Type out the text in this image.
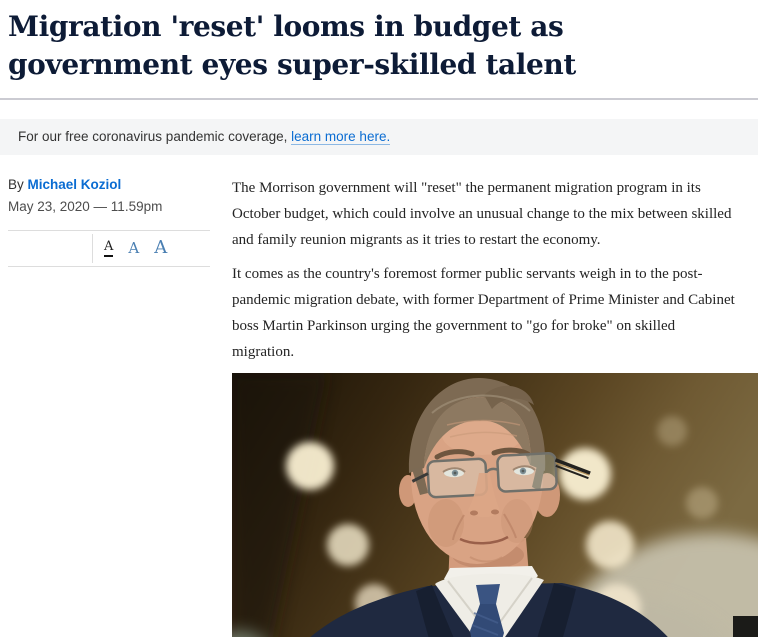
Migration 'reset' looms in budget as government eyes super-skilled talent
For our free coronavirus pandemic coverage, learn more here.

By Michael Koziol

May 23, 2020 — 11.59pm
A A A

The Morrison government will "reset" the permanent migration program in its October budget, which could involve an unusual change to the mix between skilled and family reunion migrants as it tries to restart the economy.

It comes as the country's foremost former public servants weigh in to the post-pandemic migration debate, with former Department of Prime Minister and Cabinet boss Martin Parkinson urging the government to "go for broke" on skilled migration.
